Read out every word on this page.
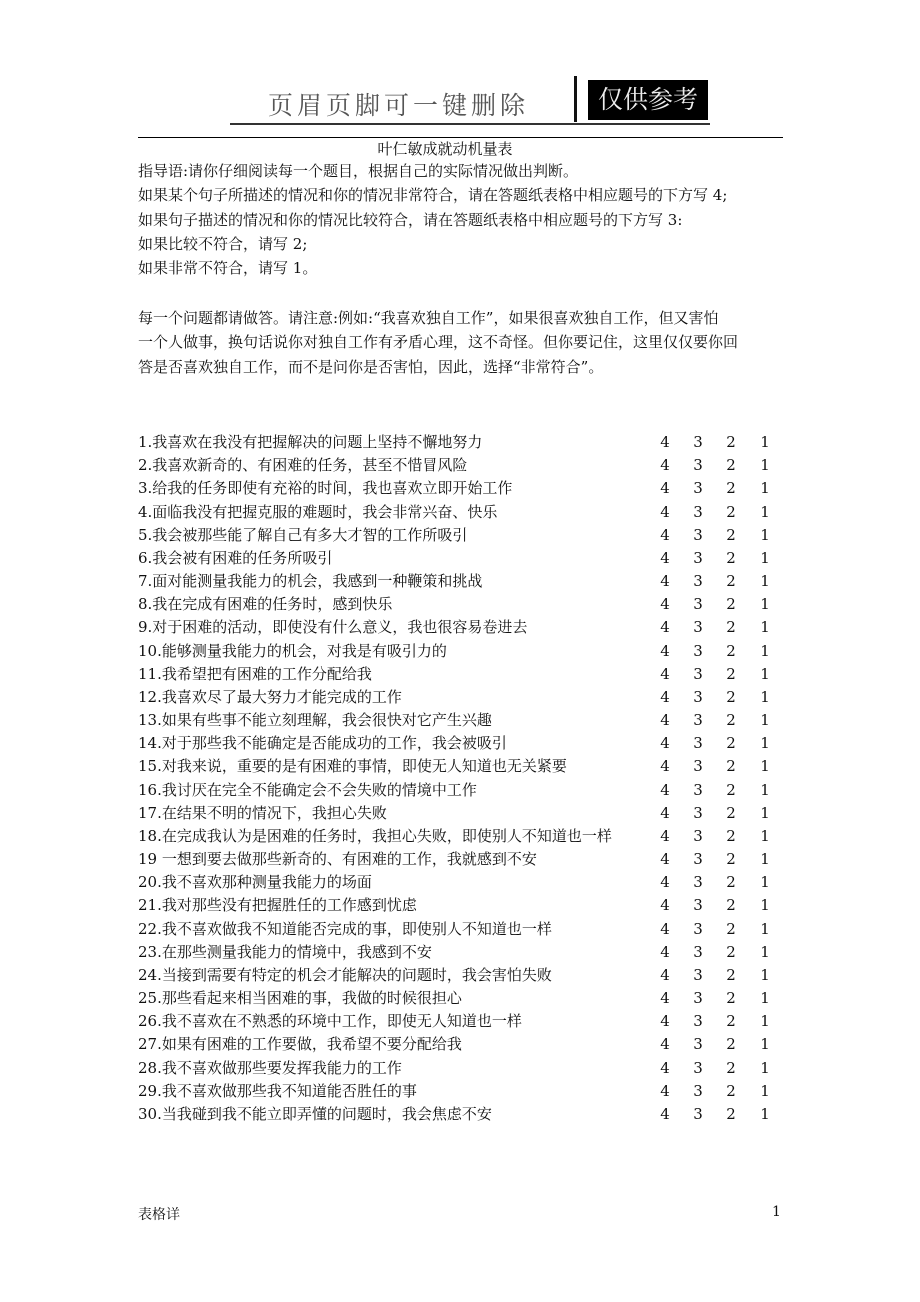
页眉页脚可一键删除	仅供参考
叶仁敏成就动机量表
指导语:请你仔细阅读每一个题目，根据自己的实际情况做出判断。
如果某个句子所描述的情况和你的情况非常符合，请在答题纸表格中相应题号的下方写 4;
如果句子描述的情况和你的情况比较符合，请在答题纸表格中相应题号的下方写 3:
如果比较不符合，请写 2;
如果非常不符合，请写 1。
每一个问题都请做答。请注意:例如:“我喜欢独自工作”，如果很喜欢独自工作，但又害怕
一个人做事，换句话说你对独自工作有矛盾心理，这不奇怪。但你要记住，这里仅仅要你回
答是否喜欢独自工作，而不是问你是否害怕，因此，选择“非常符合”。
1.我喜欢在我没有把握解决的问题上坚持不懈地努力	4 3 2 1
2.我喜欢新奇的、有困难的任务，甚至不惜冒风险	4 3 2 1
3.给我的任务即使有充裕的时间，我也喜欢立即开始工作	4 3 2 1
4.面临我没有把握克服的难题时，我会非常兴奋、快乐	4 3 2 1
5.我会被那些能了解自己有多大才智的工作所吸引	4 3 2 1
6.我会被有困难的任务所吸引	4 3 2 1
7.面对能测量我能力的机会，我感到一种鞭策和挑战	4 3 2 1
8.我在完成有困难的任务时，感到快乐	4 3 2 1
9.对于困难的活动，即使没有什么意义，我也很容易卷进去	4 3 2 1
10.能够测量我能力的机会，对我是有吸引力的	4 3 2 1
11.我希望把有困难的工作分配给我	4 3 2 1
12.我喜欢尽了最大努力才能完成的工作	4 3 2 1
13.如果有些事不能立刻理解，我会很快对它产生兴趣	4 3 2 1
14.对于那些我不能确定是否能成功的工作，我会被吸引	4 3 2 1
15.对我来说，重要的是有困难的事情，即使无人知道也无关紧要	4 3 2 1
16.我讨厌在完全不能确定会不会失败的情境中工作	4 3 2 1
17.在结果不明的情况下，我担心失败	4 3 2 1
18.在完成我认为是困难的任务时，我担心失败，即使别人不知道也一样	4 3 2 1
19 一想到要去做那些新奇的、有困难的工作，我就感到不安	4 3 2 1
20.我不喜欢那种测量我能力的场面	4 3 2 1
21.我对那些没有把握胜任的工作感到忧虑	4 3 2 1
22.我不喜欢做我不知道能否完成的事，即使别人不知道也一样	4 3 2 1
23.在那些测量我能力的情境中，我感到不安	4 3 2 1
24.当接到需要有特定的机会才能解决的问题时，我会害怕失败	4 3 2 1
25.那些看起来相当困难的事，我做的时候很担心	4 3 2 1
26.我不喜欢在不熟悉的环境中工作，即使无人知道也一样	4 3 2 1
27.如果有困难的工作要做，我希望不要分配给我	4 3 2 1
28.我不喜欢做那些要发挥我能力的工作	4 3 2 1
29.我不喜欢做那些我不知道能否胜任的事	4 3 2 1
30.当我碰到我不能立即弄懂的问题时，我会焦虑不安	4 3 2 1
表格详	1
